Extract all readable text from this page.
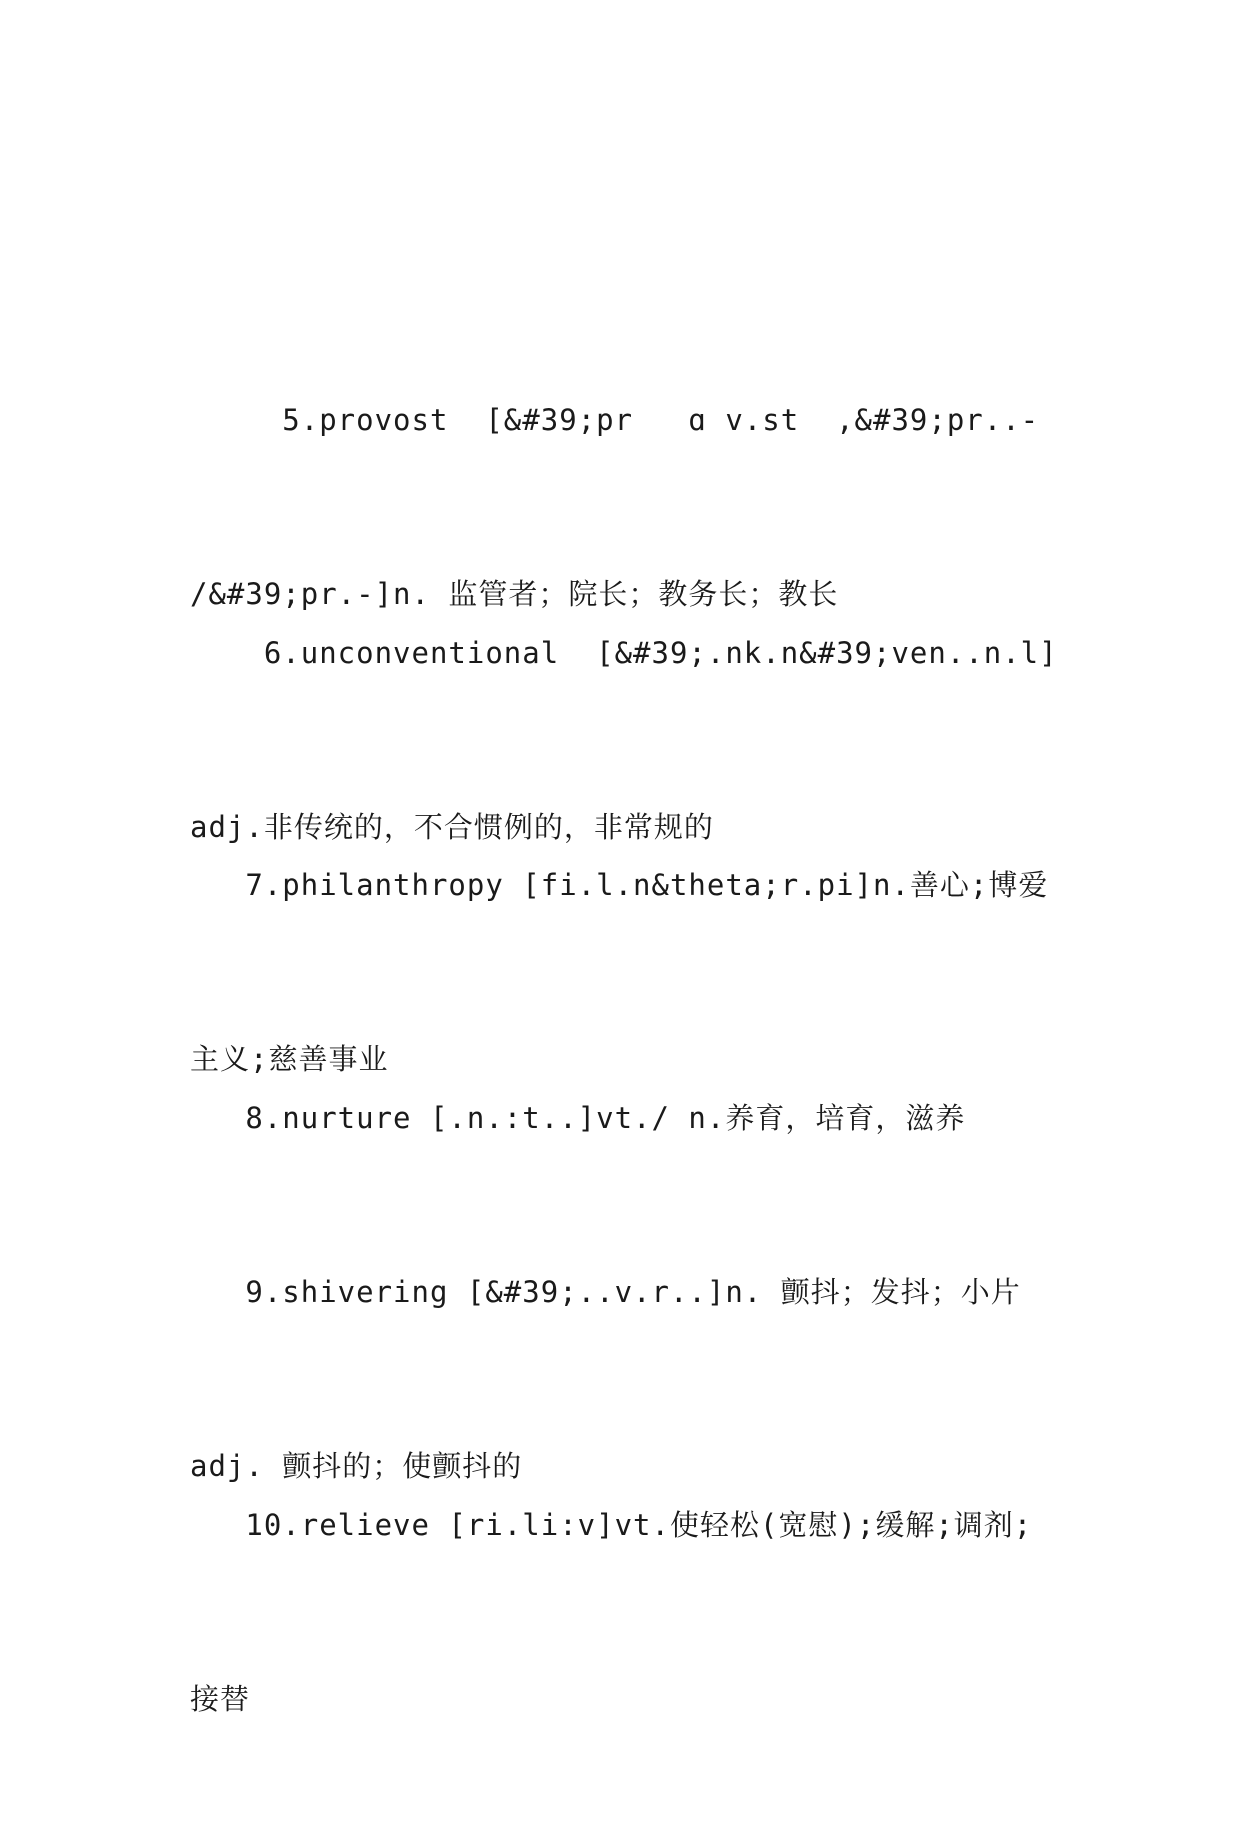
5.provost  [&#39;pr   ɑ v.st  ,&#39;pr..-

/&#39;pr.-]n. 监管者；院长；教务长；教长

6.unconventional  [&#39;.nk.n&#39;ven..n.l]

adj.非传统的，不合惯例的，非常规的

7.philanthropy [fi.l.n&theta;r.pi]n.善心;博爱

主义;慈善事业

8.nurture [.n.:t..]vt./ n.养育，培育，滋养

9.shivering [&#39;..v.r..]n. 颤抖；发抖；小片

adj. 颤抖的；使颤抖的

10.relieve [ri.li:v]vt.使轻松(宽慰);缓解;调剂;

接替
